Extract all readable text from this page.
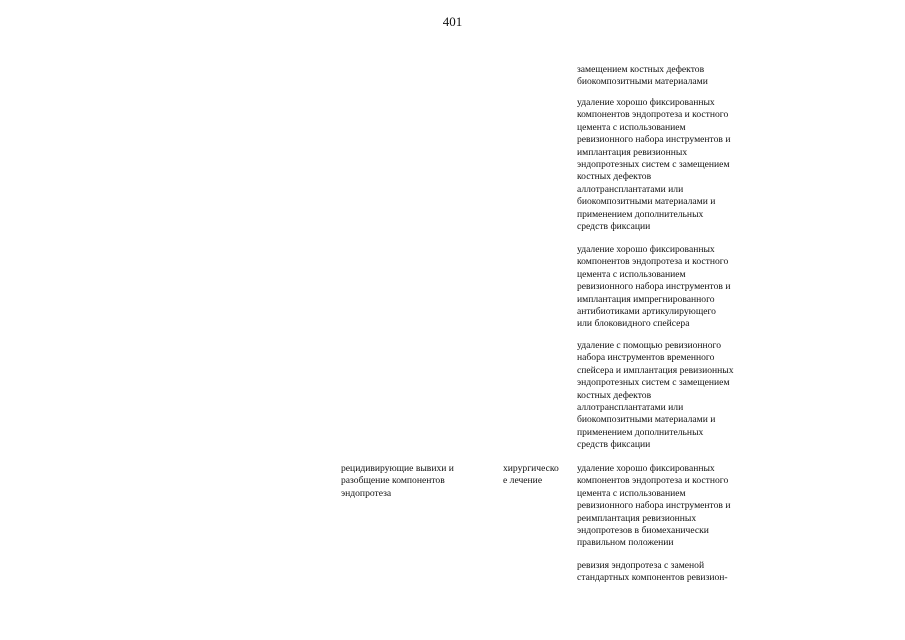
401
замещением костных дефектов
биокомпозитными материалами
удаление хорошо фиксированных
компонентов эндопротеза и костного
цемента с использованием
ревизионного набора инструментов и
имплантация ревизионных
эндопротезных систем с замещением
костных дефектов
аллотрансплантатами или
биокомпозитными материалами и
применением дополнительных
средств фиксации
удаление хорошо фиксированных
компонентов эндопротеза и костного
цемента с использованием
ревизионного набора инструментов и
имплантация импрегнированного
антибиотиками артикулирующего
или блоковидного спейсера
удаление с помощью ревизионного
набора инструментов временного
спейсера и имплантация ревизионных
эндопротезных систем с замещением
костных дефектов
аллотрансплантатами или
биокомпозитными материалами и
применением дополнительных
средств фиксации
рецидивирующие вывихи и
разобщение компонентов
эндопротеза
хирургическо
е лечение
удаление хорошо фиксированных
компонентов эндопротеза и костного
цемента с использованием
ревизионного набора инструментов и
реимплантация ревизионных
эндопротезов в биомеханически
правильном положении
ревизия эндопротеза с заменой
стандартных компонентов ревизион-
